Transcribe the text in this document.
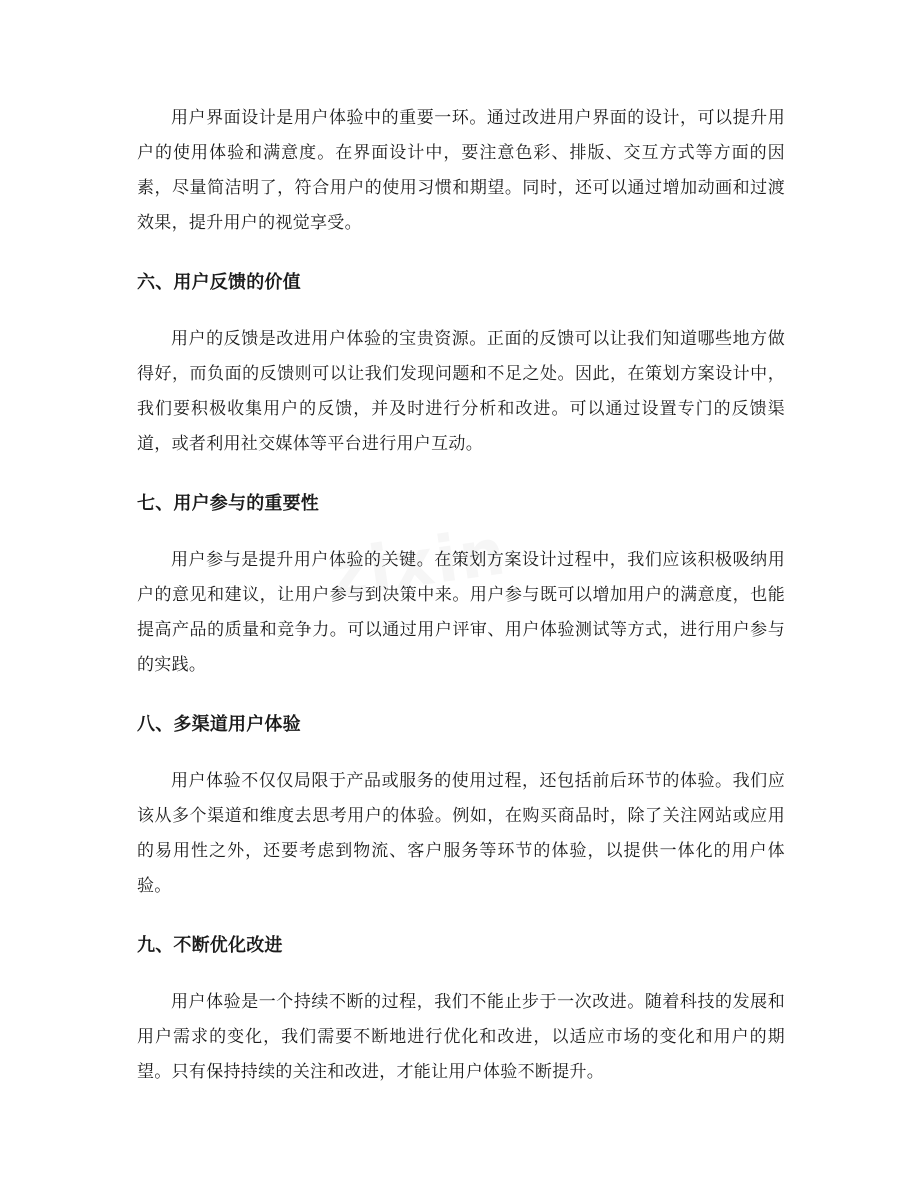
用户界面设计是用户体验中的重要一环。通过改进用户界面的设计，可以提升用户的使用体验和满意度。在界面设计中，要注意色彩、排版、交互方式等方面的因素，尽量简洁明了，符合用户的使用习惯和期望。同时，还可以通过增加动画和过渡效果，提升用户的视觉享受。

六、用户反馈的价值

用户的反馈是改进用户体验的宝贵资源。正面的反馈可以让我们知道哪些地方做得好，而负面的反馈则可以让我们发现问题和不足之处。因此，在策划方案设计中，我们要积极收集用户的反馈，并及时进行分析和改进。可以通过设置专门的反馈渠道，或者利用社交媒体等平台进行用户互动。

七、用户参与的重要性

用户参与是提升用户体验的关键。在策划方案设计过程中，我们应该积极吸纳用户的意见和建议，让用户参与到决策中来。用户参与既可以增加用户的满意度，也能提高产品的质量和竞争力。可以通过用户评审、用户体验测试等方式，进行用户参与的实践。

八、多渠道用户体验

用户体验不仅仅局限于产品或服务的使用过程，还包括前后环节的体验。我们应该从多个渠道和维度去思考用户的体验。例如，在购买商品时，除了关注网站或应用的易用性之外，还要考虑到物流、客户服务等环节的体验，以提供一体化的用户体验。

九、不断优化改进

用户体验是一个持续不断的过程，我们不能止步于一次改进。随着科技的发展和用户需求的变化，我们需要不断地进行优化和改进，以适应市场的变化和用户的期望。只有保持持续的关注和改进，才能让用户体验不断提升。
